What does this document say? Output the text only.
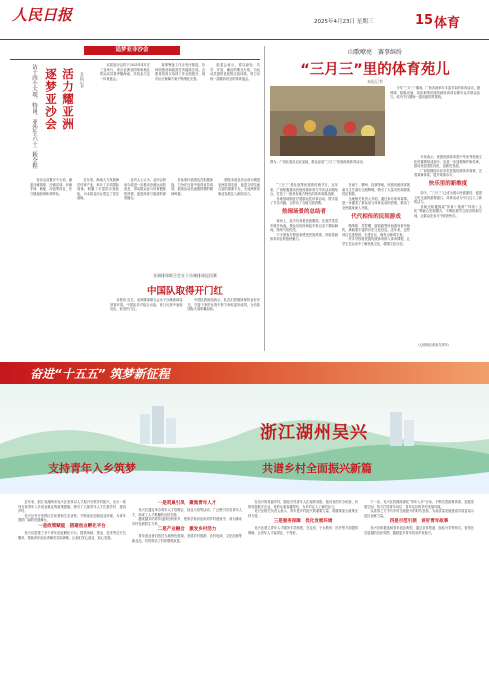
人民日报	2025年4月23日 星期三	15 体育
追梦亚非沙会
访十四个大项、特岗、亚沙生六十二秋全程 逐梦亚沙会 活力耀亚洲	本报记者

本届亚沙会将于2025年4月在三亚举行，来自亚洲各国家和地区的运动员将齐聚海南，共同参与这一体育盛会。

赛事筹备工作正有序推进，各场馆建设和改造任务陆续完成，志愿者招募与培训工作全面展开，城市运行保障方案不断细化完善。

组委会表示，将以绿色、共享、开放、廉洁的理念办赛，为运动员提供优质的比赛环境，努力呈现一届精彩纷呈的体育盛会。

亚沙会设置多个大项，涵盖沙滩排球、沙滩足球、沙滩手球、帆船、冲浪等项目，充分展现滨海体育特色。

近年来，海南大力发展海洋体育产业，举办了多项国际赛事，积累了丰富的办赛经验，为本届亚沙会奠定了坚实基础。

业内人士认为，亚沙会的举办将进一步推动沙滩运动的普及，带动群众参与体育锻炼的热情，促进体育与旅游的深度融合。

各参赛代表团也在积极备战，力争在比赛中取得优异成绩，展现运动员顽强拼搏的精神风貌。

期待本届亚沙会成为增进亚洲各国友谊、促进文明交流互鉴的重要平台，为亚洲体育事业发展注入新的活力。

亚洲排球联合会女子沙滩排球巡回赛
中国队取得开门红

本报讯 近日，亚洲排球联合会女子沙滩排球巡回赛开赛，中国队多对组合出战，首日比赛中表现出色，取得开门红。

中国队教练组表示，队员们将继续保持良好状态，在接下来的比赛中努力争取更好成绩，为后续国际大赛积累经验。

山歌嘹亮　赛事缤纷
“三月三”里的体育苑儿
本报记者
图为：广西壮族自治区某地，群众参加“三月三”民族传统体育活动。

今年“三月三”期间，广西各地举办丰富多彩的体育活动，抛绣球、板鞋竞速、抢花炮等民族传统体育项目吸引众多群众参与，成为节日期间一道亮丽的风景线。

“三月三”是壮族等民族的传统节日，近年来，广西积极推动民族传统体育与节庆活动相结合，打造了一批具有地方特色的体育赛事品牌。

各地因地制宜开展群众性体育活动，既丰富了节日内涵，又带动了当地文旅消费。

热闹场景的总结者

赛场上，选手们身着民族服饰，在欢声笑语中展开角逐。观众们纷纷拿起手机记录下精彩瞬间，现场气氛热烈。

不少游客专程前来感受民族风情，体验传统体育项目的独特魅力。

在南宁、柳州、桂林等地，民族传统体育展演与文艺演出交相辉映，吸引了大量市民和游客驻足观看。

当地相关负责人介绍，通过举办体育赛事，进一步激发了群众参与体育运动的热情，推动了全民健身深入开展。

代代相传的民间游戏

抛绣球、打陀螺、踩高跷等民间游戏世代相传，承载着丰富的历史文化信息。近年来，这些项目走进校园、走进社区，焕发出新的生机。

许多学校将民族传统体育纳入体育课程，让学生在运动中了解民族文化，增强文化自信。

专家表示，民族传统体育是中华优秀传统文化的重要组成部分，应进一步加强保护和传承，推动其创造性转化、创新性发展。

广西将继续办好各类民族传统体育赛事，完善赛事体系，提升赛事水平。

快乐里的新维度

如今，“三月三”已成为展示民族团结、促进文化交流的重要窗口，体育活动为节日注入了新的活力。

各地还积极探索“体育＋旅游”“体育＋文化”等融合发展模式，不断拓展节日经济的新空间，让群众在参与中收获快乐。

（人民网记者参与采写）
奋进“十五五” 筑梦新征程
浙江湖州吴兴
支持青年入乡筑梦	共谱乡村全面振兴新篇

近年来，浙江省湖州市吴兴区坚持以人才振兴引领乡村振兴，出台一系列支持青年入乡创业就业的政策措施，吸引了大批青年人才扎根乡村、建设乡村。

吴兴区充分发挥区位优势和生态优势，不断优化创新创业环境，为青年提供广阔的发展舞台。

一是政策赋能　搭建创业孵化平台

吴兴区搭建了多个青年创业孵化平台，提供场地、资金、技术等全方位服务，帮助青年创业者解决实际困难，让他们安心创业、放心发展。

一是筑巢引凤　聚集青年人才

吴兴区通过举办青年人才招聘会、创业大赛等活动，广泛吸引各类青年人才，形成了人才集聚的良好态势。

越来越多的青年选择回到家乡，把所学知识运用到乡村建设中，成为推动乡村发展的生力军。

二是产业融合　激发乡村活力

青年创业者们依托当地特色资源，发展乡村旅游、农村电商、文化创意等新业态，有效带动了村民增收致富。

在吴兴的美丽乡村，随处可见青年人忙碌的身影。他们有的开办民宿，有的发展数字农业，有的从事直播带货，为乡村注入了新的活力。

吴兴区相关负责人表示，青年是乡村振兴的重要力量，将继续加大政策支持力度。

三是服务保障　优化发展环境

吴兴区建立青年人才服务专员制度，在住房、子女教育、医疗等方面提供保障，让青年人才留得住、干得好。

下一步，吴兴区将继续深化“青年入乡”行动，不断完善政策体系，拓展发展空间，努力打造青年向往、青年友好的乡村发展环境。

以青春之力书写乡村全面振兴的时代答卷，为高质量发展建设共同富裕示范区贡献力量。

四是示范引领　讲好青年故事

吴兴区积极选树青年创业典型，通过宣传报道、经验分享等形式，营造比学赶超的良好氛围，激励更多青年投身乡村振兴。
